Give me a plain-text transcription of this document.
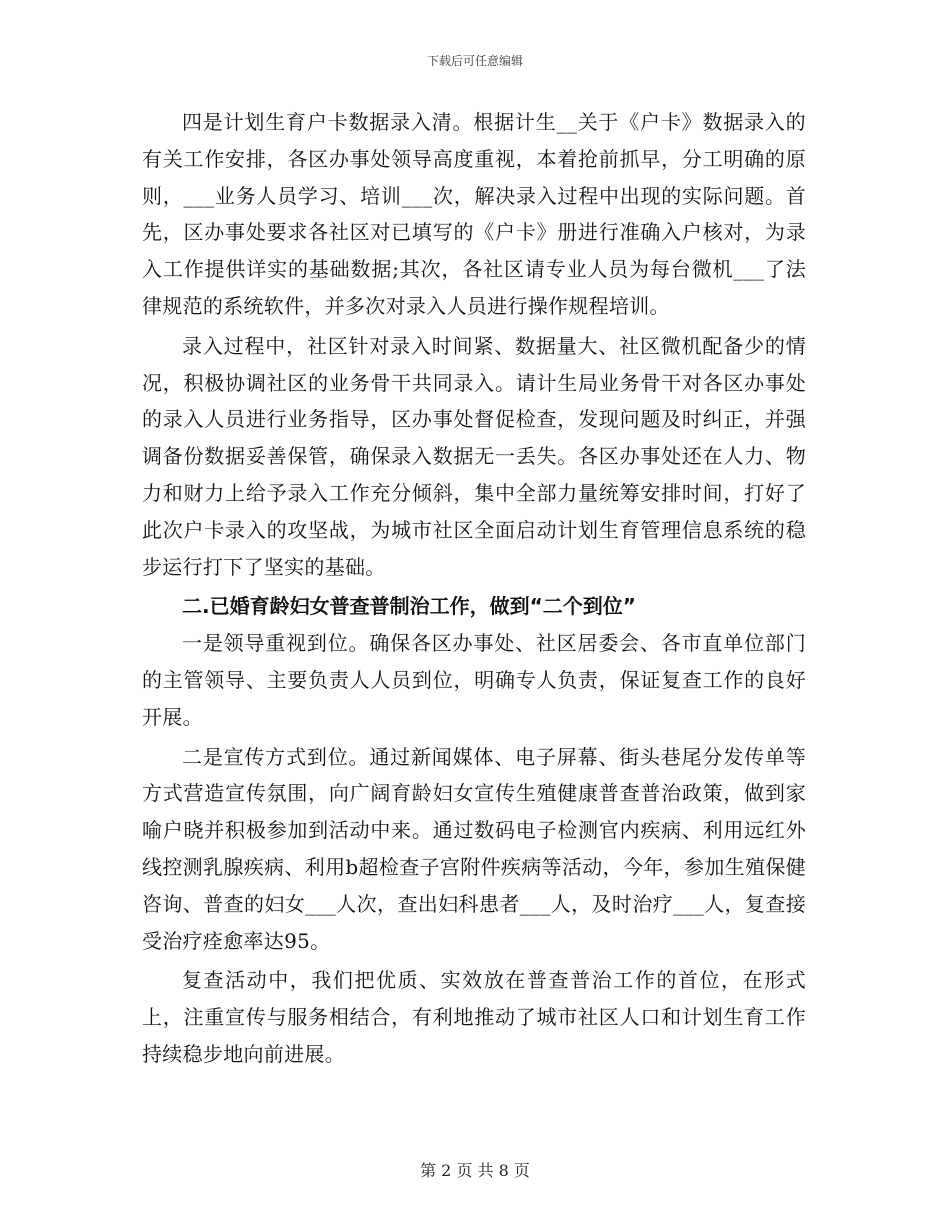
下载后可任意编辑

四是计划生育户卡数据录入清。根据计生__关于《户卡》数据录入的有关工作安排，各区办事处领导高度重视，本着抢前抓早，分工明确的原则，___业务人员学习、培训___次，解决录入过程中出现的实际问题。首先，区办事处要求各社区对已填写的《户卡》册进行准确入户核对，为录入工作提供详实的基础数据;其次，各社区请专业人员为每台微机___了法律规范的系统软件，并多次对录入人员进行操作规程培训。

录入过程中，社区针对录入时间紧、数据量大、社区微机配备少的情况，积极协调社区的业务骨干共同录入。请计生局业务骨干对各区办事处的录入人员进行业务指导，区办事处督促检查，发现问题及时纠正，并强调备份数据妥善保管，确保录入数据无一丢失。各区办事处还在人力、物力和财力上给予录入工作充分倾斜，集中全部力量统筹安排时间，打好了此次户卡录入的攻坚战，为城市社区全面启动计划生育管理信息系统的稳步运行打下了坚实的基础。

二.已婚育龄妇女普查普制治工作，做到“二个到位”

一是领导重视到位。确保各区办事处、社区居委会、各市直单位部门的主管领导、主要负责人人员到位，明确专人负责，保证复查工作的良好开展。

二是宣传方式到位。通过新闻媒体、电子屏幕、街头巷尾分发传单等方式营造宣传氛围，向广阔育龄妇女宣传生殖健康普查普治政策，做到家喻户晓并积极参加到活动中来。通过数码电子检测官内疾病、利用远红外线控测乳腺疾病、利用b超检查子宫附件疾病等活动，今年，参加生殖保健咨询、普查的妇女___人次，查出妇科患者___人，及时治疗___人，复查接受治疗痊愈率达95。

复查活动中，我们把优质、实效放在普查普治工作的首位，在形式上，注重宣传与服务相结合，有利地推动了城市社区人口和计划生育工作持续稳步地向前进展。

第 2 页 共 8 页
